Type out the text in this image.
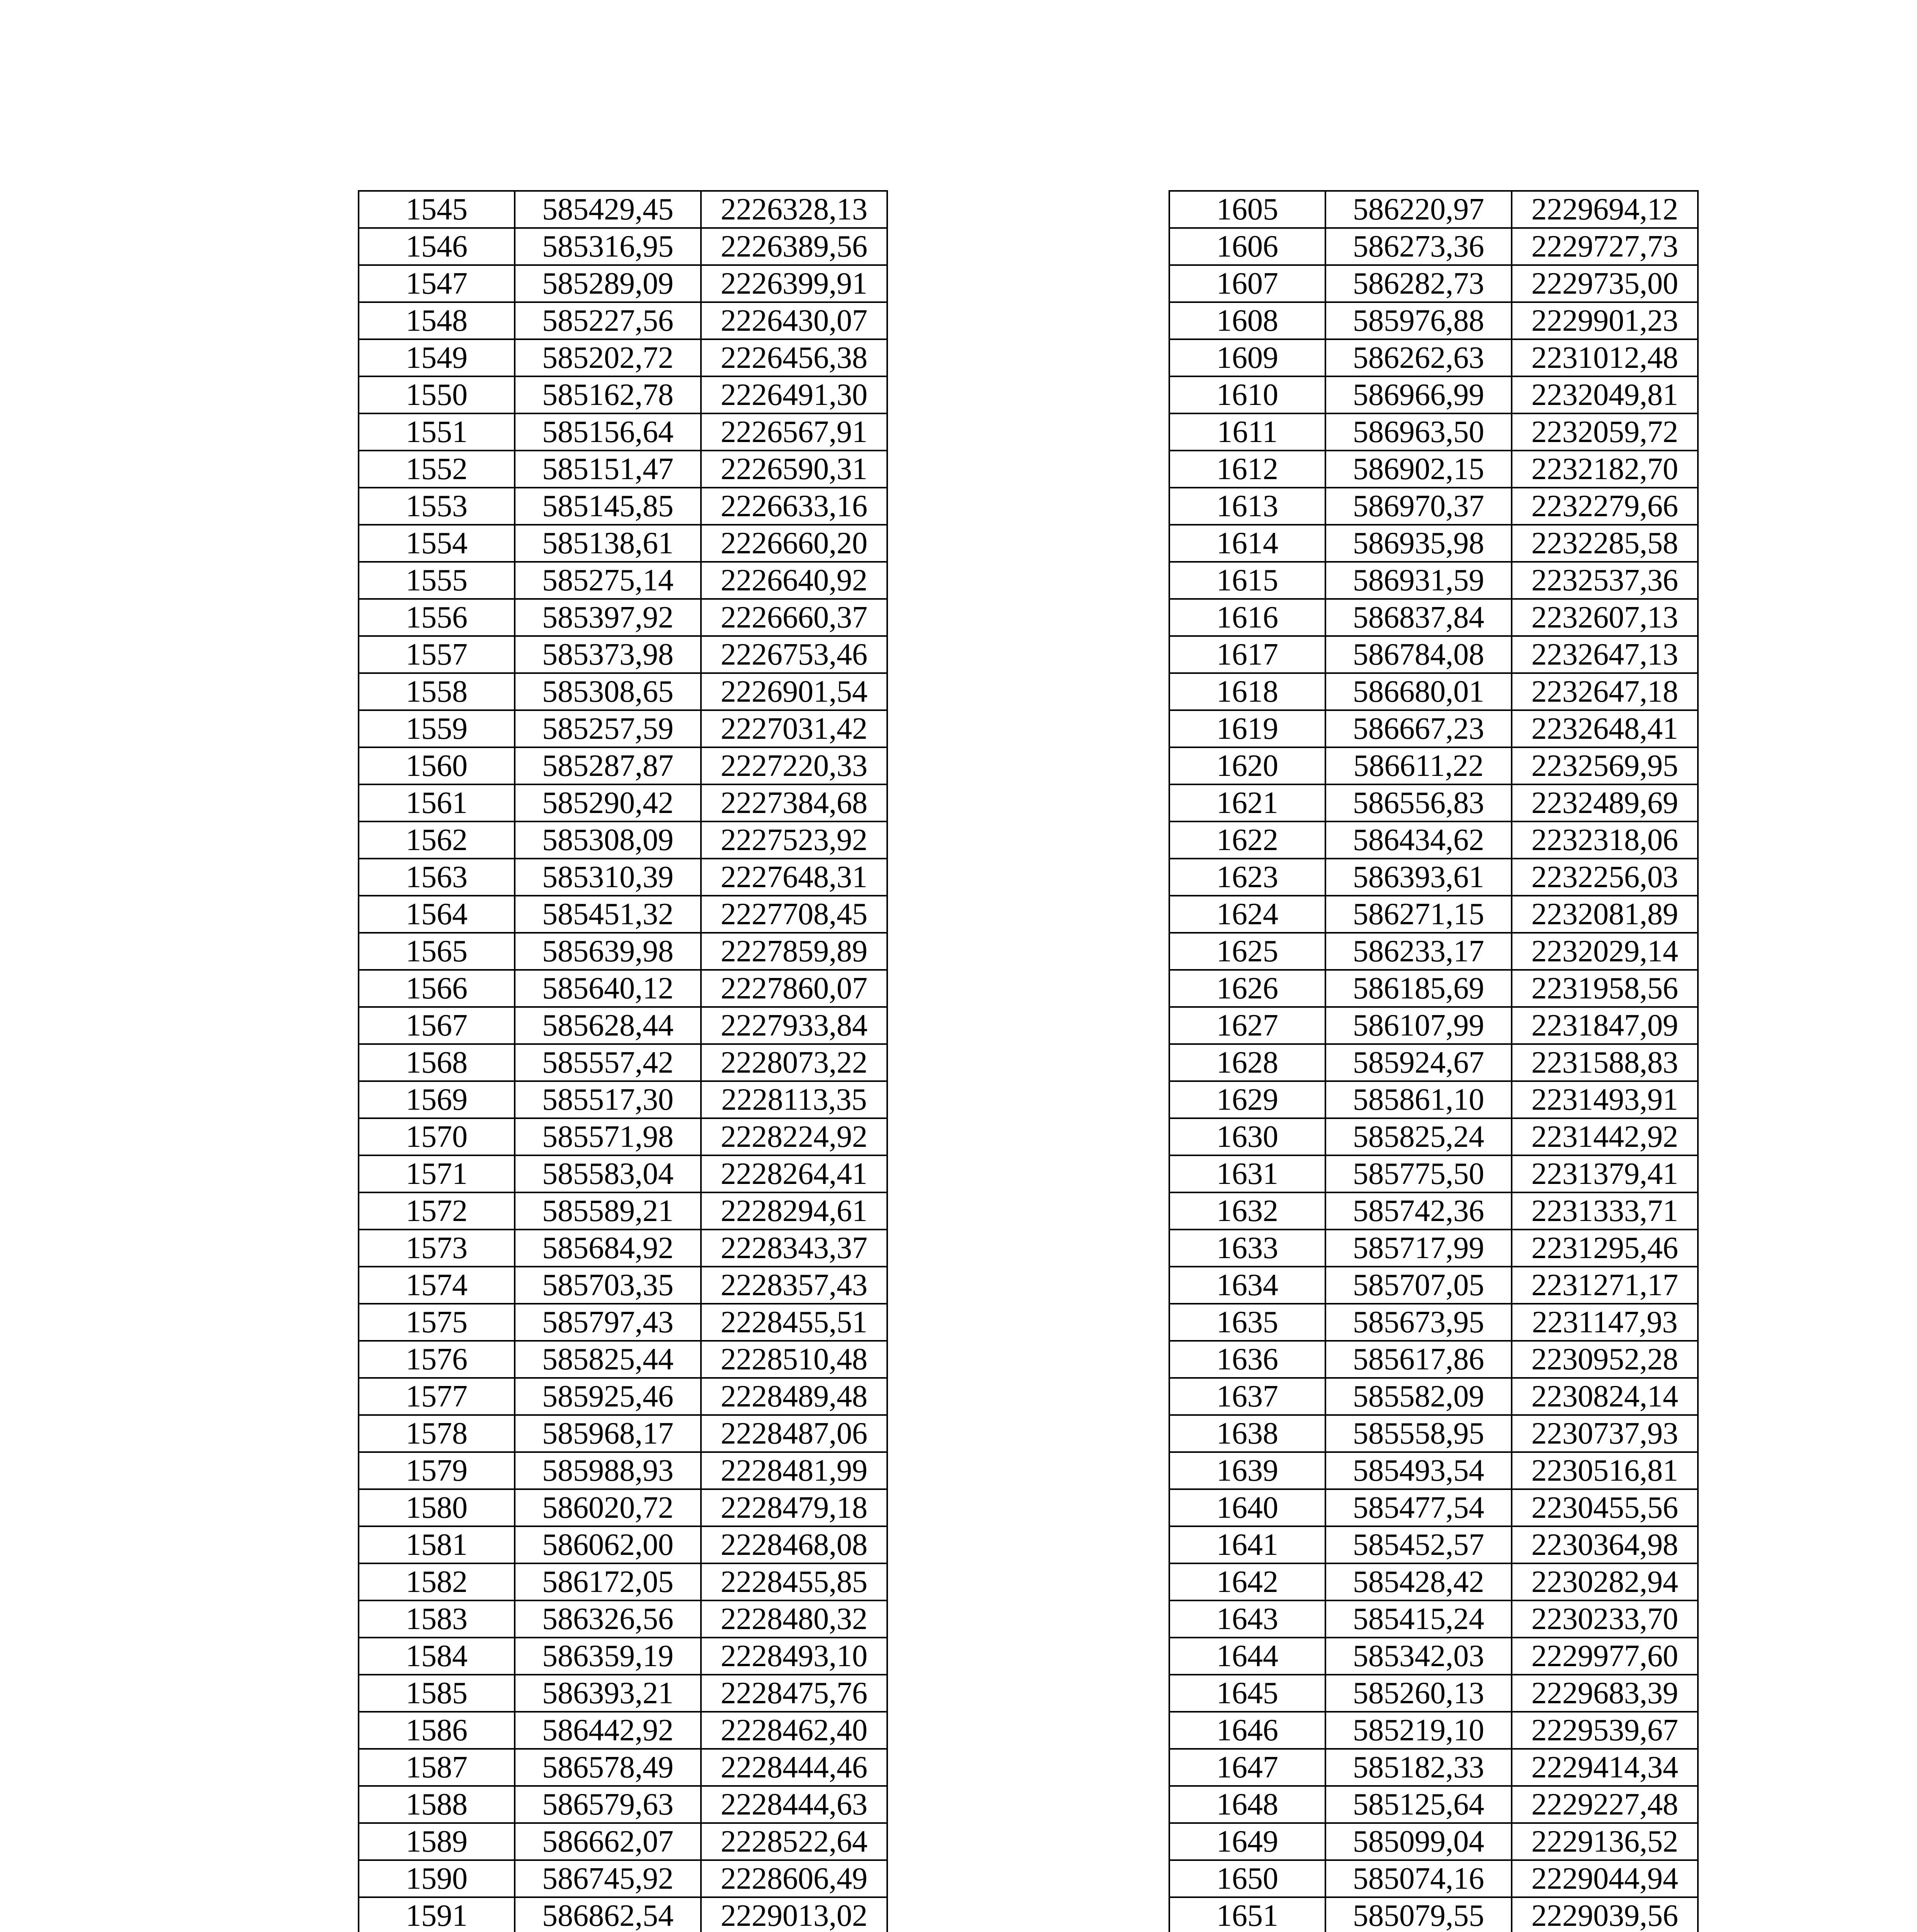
1545	585429,45	2226328,13
1546	585316,95	2226389,56
1547	585289,09	2226399,91
1548	585227,56	2226430,07
1549	585202,72	2226456,38
1550	585162,78	2226491,30
1551	585156,64	2226567,91
1552	585151,47	2226590,31
1553	585145,85	2226633,16
1554	585138,61	2226660,20
1555	585275,14	2226640,92
1556	585397,92	2226660,37
1557	585373,98	2226753,46
1558	585308,65	2226901,54
1559	585257,59	2227031,42
1560	585287,87	2227220,33
1561	585290,42	2227384,68
1562	585308,09	2227523,92
1563	585310,39	2227648,31
1564	585451,32	2227708,45
1565	585639,98	2227859,89
1566	585640,12	2227860,07
1567	585628,44	2227933,84
1568	585557,42	2228073,22
1569	585517,30	2228113,35
1570	585571,98	2228224,92
1571	585583,04	2228264,41
1572	585589,21	2228294,61
1573	585684,92	2228343,37
1574	585703,35	2228357,43
1575	585797,43	2228455,51
1576	585825,44	2228510,48
1577	585925,46	2228489,48
1578	585968,17	2228487,06
1579	585988,93	2228481,99
1580	586020,72	2228479,18
1581	586062,00	2228468,08
1582	586172,05	2228455,85
1583	586326,56	2228480,32
1584	586359,19	2228493,10
1585	586393,21	2228475,76
1586	586442,92	2228462,40
1587	586578,49	2228444,46
1588	586579,63	2228444,63
1589	586662,07	2228522,64
1590	586745,92	2228606,49
1591	586862,54	2229013,02

1605	586220,97	2229694,12
1606	586273,36	2229727,73
1607	586282,73	2229735,00
1608	585976,88	2229901,23
1609	586262,63	2231012,48
1610	586966,99	2232049,81
1611	586963,50	2232059,72
1612	586902,15	2232182,70
1613	586970,37	2232279,66
1614	586935,98	2232285,58
1615	586931,59	2232537,36
1616	586837,84	2232607,13
1617	586784,08	2232647,13
1618	586680,01	2232647,18
1619	586667,23	2232648,41
1620	586611,22	2232569,95
1621	586556,83	2232489,69
1622	586434,62	2232318,06
1623	586393,61	2232256,03
1624	586271,15	2232081,89
1625	586233,17	2232029,14
1626	586185,69	2231958,56
1627	586107,99	2231847,09
1628	585924,67	2231588,83
1629	585861,10	2231493,91
1630	585825,24	2231442,92
1631	585775,50	2231379,41
1632	585742,36	2231333,71
1633	585717,99	2231295,46
1634	585707,05	2231271,17
1635	585673,95	2231147,93
1636	585617,86	2230952,28
1637	585582,09	2230824,14
1638	585558,95	2230737,93
1639	585493,54	2230516,81
1640	585477,54	2230455,56
1641	585452,57	2230364,98
1642	585428,42	2230282,94
1643	585415,24	2230233,70
1644	585342,03	2229977,60
1645	585260,13	2229683,39
1646	585219,10	2229539,67
1647	585182,33	2229414,34
1648	585125,64	2229227,48
1649	585099,04	2229136,52
1650	585074,16	2229044,94
1651	585079,55	2229039,56
